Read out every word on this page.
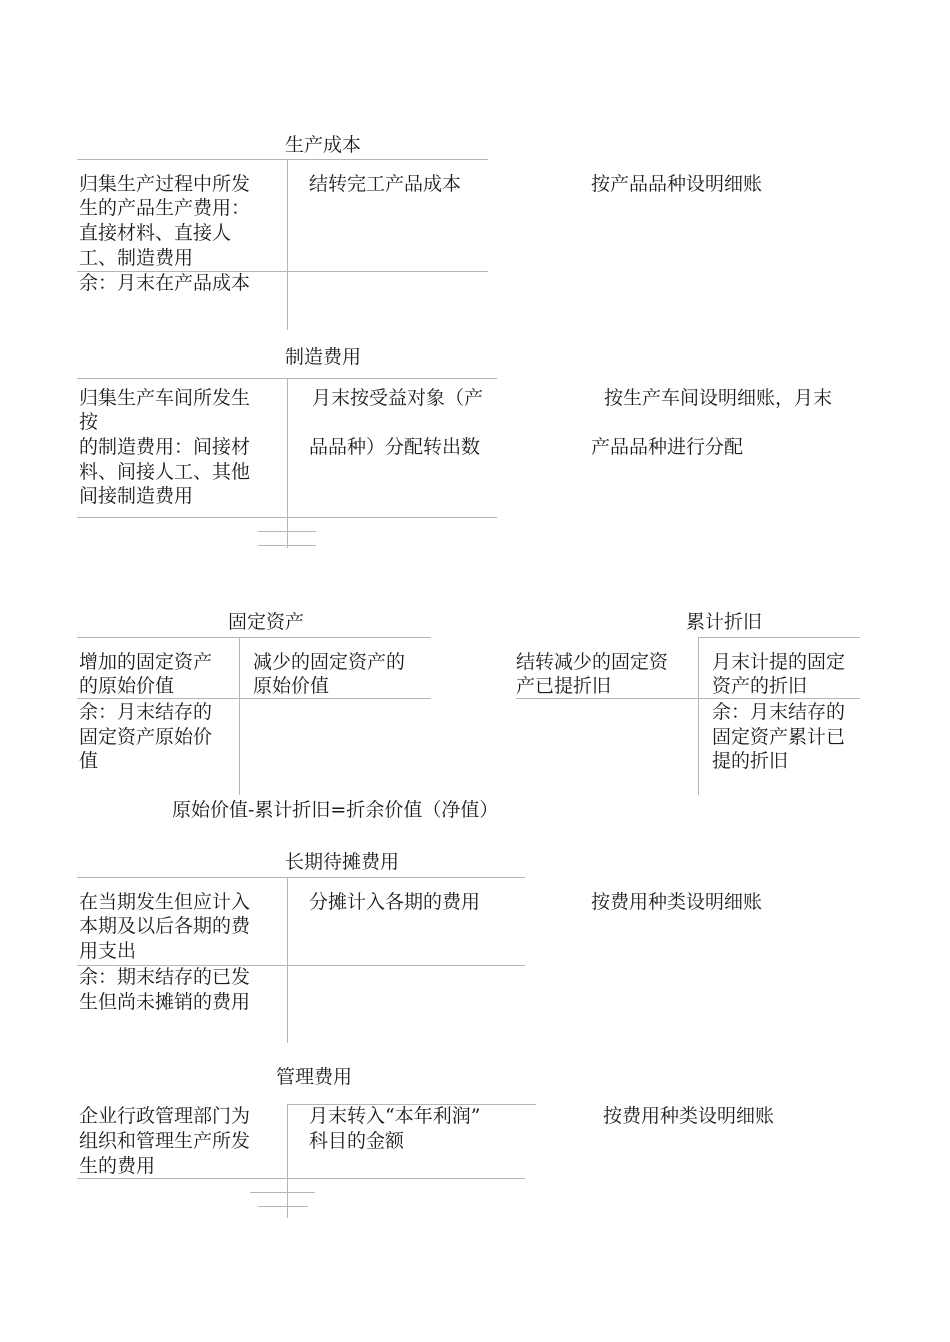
生产成本
归集生产过程中所发
生的产品生产费用：
直接材料、直接人
工、制造费用
余：月末在产品成本
结转完工产品成本	按产品品种设明细账
制造费用
归集生产车间所发生
按
的制造费用：间接材
料、间接人工、其他
间接制造费用
月末按受益对象（产
品品种）分配转出数
按生产车间设明细账，月末
产品品种进行分配
固定资产
增加的固定资产
的原始价值
余：月末结存的
固定资产原始价
值
减少的固定资产的
原始价值
累计折旧
结转减少的固定资
产已提折旧
月末计提的固定
资产的折旧
余：月末结存的
固定资产累计已
提的折旧
原始价值-累计折旧=折余价值（净值）
长期待摊费用
在当期发生但应计入
本期及以后各期的费
用支出
余：期末结存的已发
生但尚未摊销的费用
分摊计入各期的费用	按费用种类设明细账
管理费用
企业行政管理部门为
组织和管理生产所发
生的费用
月末转入“本年利润”
科目的金额
按费用种类设明细账
